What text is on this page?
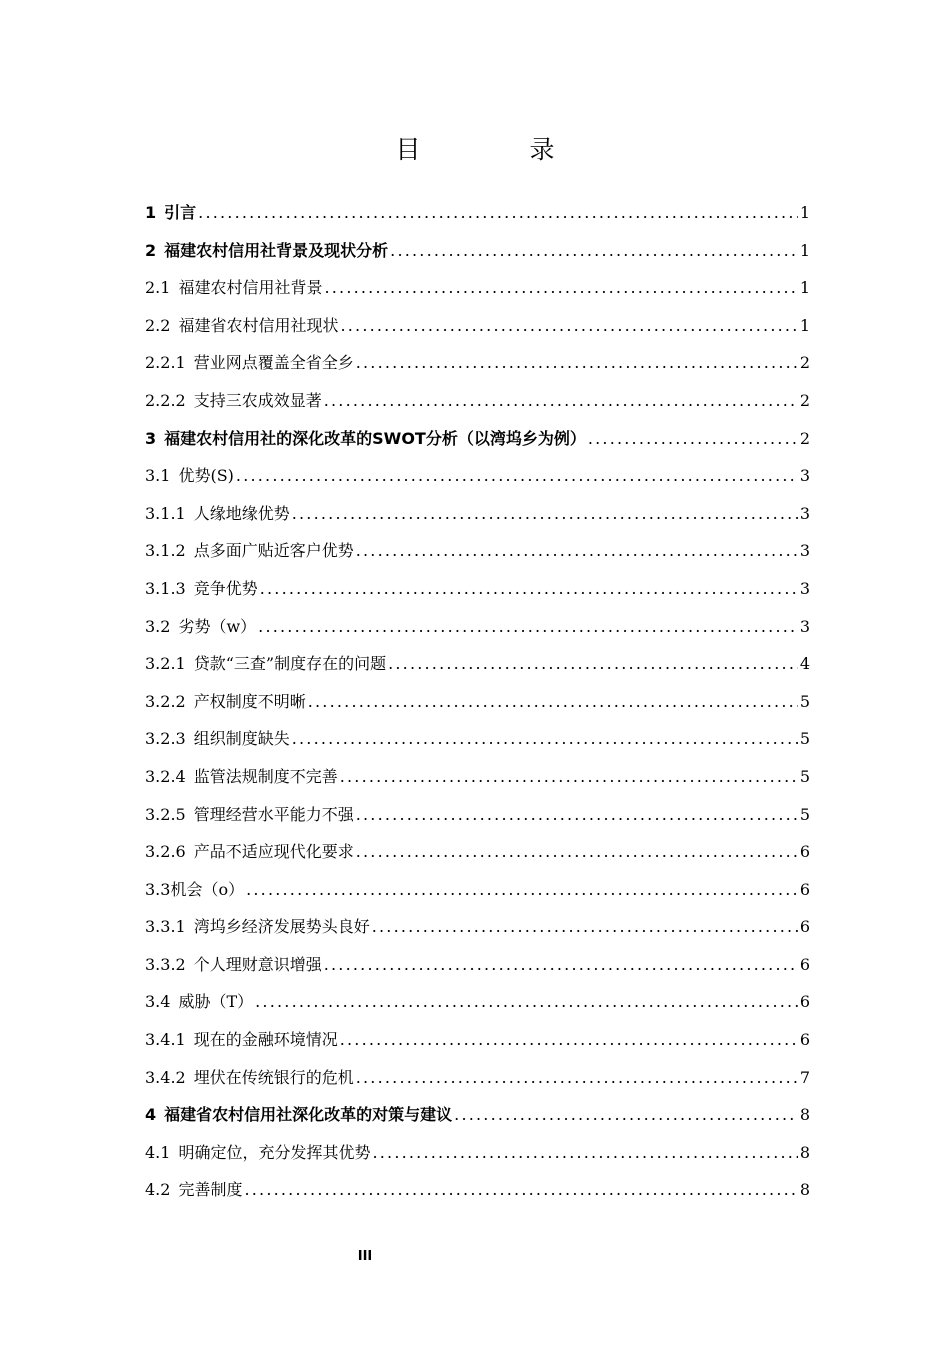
目　录
1 引言 .....	1
2 福建农村信用社背景及现状分析 .....	1
2.1 福建农村信用社背景 .....	1
2.2 福建省农村信用社现状 .....	1
2.2.1 营业网点覆盖全省全乡 .....	2
2.2.2 支持三农成效显著 .....	2
3 福建农村信用社的深化改革的SWOT分析（以湾坞乡为例） .....	2
3.1 优势(S) .....	3
3.1.1 人缘地缘优势 .....	3
3.1.2 点多面广贴近客户优势 .....	3
3.1.3 竞争优势 .....	3
3.2 劣势（w） .....	3
3.2.1 贷款“三查”制度存在的问题 .....	4
3.2.2 产权制度不明晰 .....	5
3.2.3 组织制度缺失 .....	5
3.2.4 监管法规制度不完善 .....	5
3.2.5 管理经营水平能力不强 .....	5
3.2.6 产品不适应现代化要求 .....	6
3.3 机会（o） .....	6
3.3.1 湾坞乡经济发展势头良好 .....	6
3.3.2 个人理财意识增强 .....	6
3.4 威胁（T） .....	6
3.4.1 现在的金融环境情况 .....	6
3.4.2 埋伏在传统银行的危机 .....	7
4 福建省农村信用社深化改革的对策与建议 .....	8
4.1 明确定位，充分发挥其优势 .....	8
4.2 完善制度 .....	8
III
